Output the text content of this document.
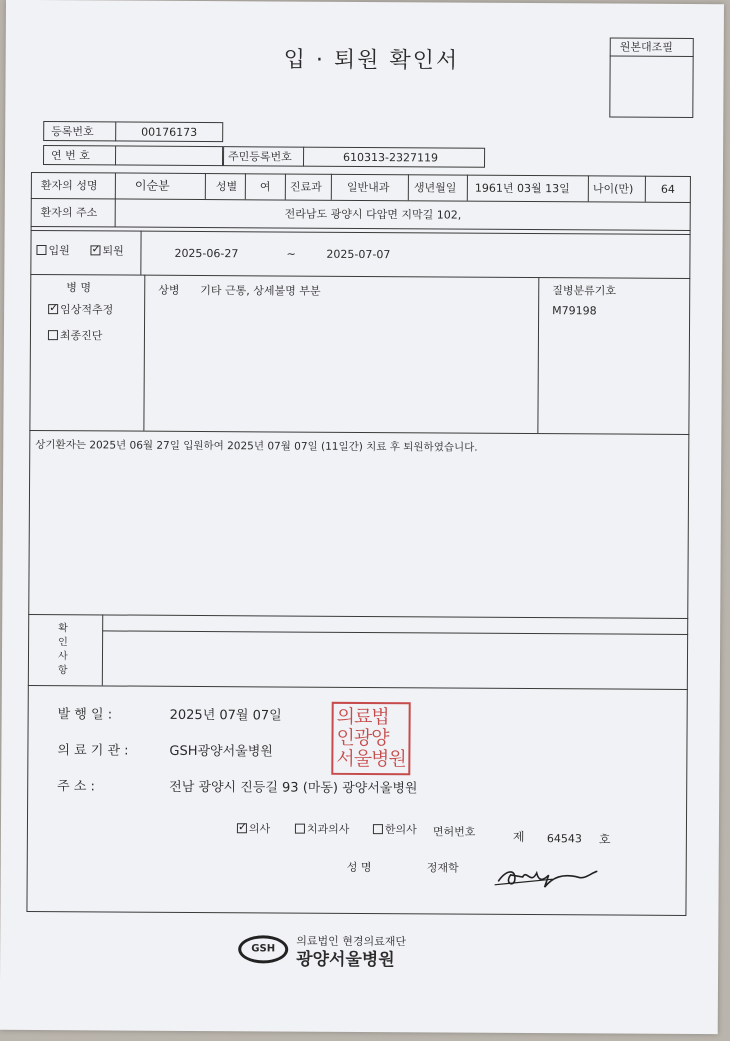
입 · 퇴원 확인서
원본대조필
등록번호	00176173
연 번 호	주민등록번호	610313-2327119
환자의 성명	이순분	성별 여 진료과 일반내과 생년월일 1961년 03월 13일 나이(만) 64
환자의 주소	전라남도 광양시 다압면 지막길 102,
입원
✓	퇴원	2025-06-27	~	2025-07-07
병 명
✓임상적추정
최종진단
상병 기타 근통, 상세불명 부분	질병분류기호
M79198
상기환자는 2025년 06월 27일 입원하여 2025년 07월 07일 (11일간) 치료 후 퇴원하였습니다.
확
인
사
항
발 행 일 :	2025년 07월 07일
의 료 기 관 :	GSH광양서울병원
주 소 :	전남 광양시 진등길 93 (마동) 광양서울병원
의료법
인광양
서울병원
✓의사	치과의사	한의사 면허번호	제 64543 호
성 명	정재학
GSH
의료법인 현경의료재단
광양서울병원
